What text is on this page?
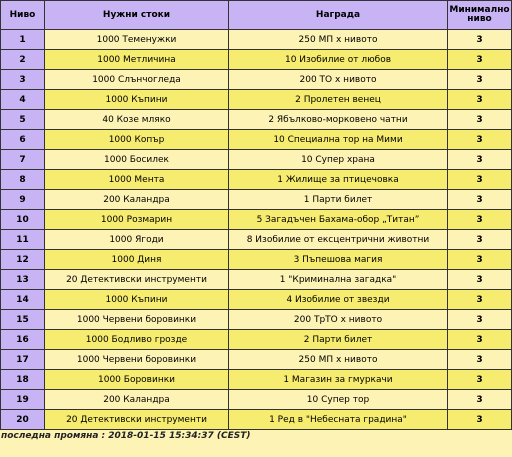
Ниво	Нужни стоки	Награда	Минимално
ниво
1	1000 Теменужки	250 МП x нивото	3
2	1000 Метличина	10 Изобилие от любов	3
3	1000 Слънчогледа	200 ТО x нивото	3
4	1000 Къпини	2 Пролетен венец	3
5	40 Козе мляко	2 Ябълково-морковено чатни	3
6	1000 Копър	10 Специална тор на Мими	3
7	1000 Босилек	10 Супер храна	3
8	1000 Мента	1 Жилище за птицечовка	3
9	200 Каландра	1 Парти билет	3
10	1000 Розмарин	5 Загадъчен Бахама-обор „Титан”	3
11	1000 Ягоди	8 Изобилие от ексцентрични животни	3
12	1000 Диня	3 Пъпешова магия	3
13	20 Детективски инструменти	1 "Криминална загадка"	3
14	1000 Къпини	4 Изобилие от звезди	3
15	1000 Червени боровинки	200 ТрТО x нивото	3
16	1000 Бодливо грозде	2 Парти билет	3
17	1000 Червени боровинки	250 МП x нивото	3
18	1000 Боровинки	1 Магазин за гмуркачи	3
19	200 Каландра	10 Супер тор	3
20	20 Детективски инструменти	1 Ред в "Небесната градина"	3
последна промяна : 2018-01-15 15:34:37 (CEST)
